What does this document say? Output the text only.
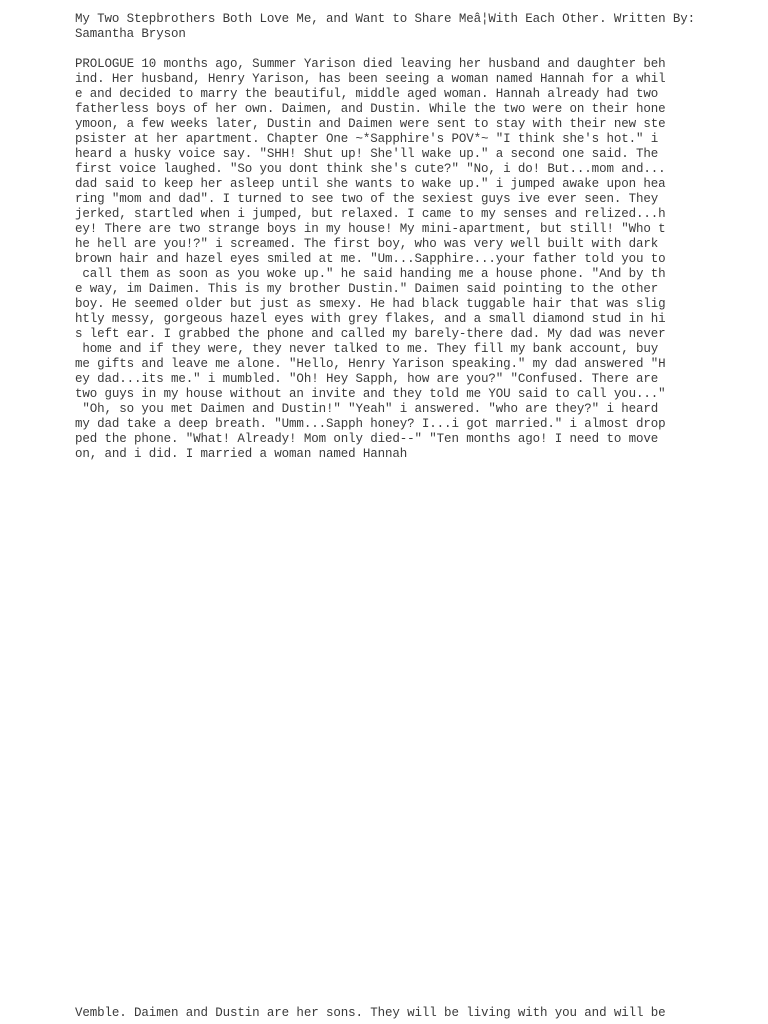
My Two Stepbrothers Both Love Me, and Want to Share Meâ¦With Each Other. Written By:
Samantha Bryson
PROLOGUE 10 months ago, Summer Yarison died leaving her husband and daughter beh
ind. Her husband, Henry Yarison, has been seeing a woman named Hannah for a whil
e and decided to marry the beautiful, middle aged woman. Hannah already had two
fatherless boys of her own. Daimen, and Dustin. While the two were on their hone
ymoon, a few weeks later, Dustin and Daimen were sent to stay with their new ste
psister at her apartment. Chapter One ~*Sapphire's POV*~ "I think she's hot." i
heard a husky voice say. "SHH! Shut up! She'll wake up." a second one said. The
first voice laughed. "So you dont think she's cute?" "No, i do! But...mom and...
dad said to keep her asleep until she wants to wake up." i jumped awake upon hea
ring "mom and dad". I turned to see two of the sexiest guys ive ever seen. They
jerked, startled when i jumped, but relaxed. I came to my senses and relized...h
ey! There are two strange boys in my house! My mini-apartment, but still! "Who t
he hell are you!?" i screamed. The first boy, who was very well built with dark
brown hair and hazel eyes smiled at me. "Um...Sapphire...your father told you to
call them as soon as you woke up." he said handing me a house phone. "And by th
e way, im Daimen. This is my brother Dustin." Daimen said pointing to the other
boy. He seemed older but just as smexy. He had black tuggable hair that was slig
htly messy, gorgeous hazel eyes with grey flakes, and a small diamond stud in hi
s left ear. I grabbed the phone and called my barely-there dad. My dad was never
home and if they were, they never talked to me. They fill my bank account, buy
me gifts and leave me alone. "Hello, Henry Yarison speaking." my dad answered "H
ey dad...its me." i mumbled. "Oh! Hey Sapph, how are you?" "Confused. There are
two guys in my house without an invite and they told me YOU said to call you..."
"Oh, so you met Daimen and Dustin!" "Yeah" i answered. "who are they?" i heard
my dad take a deep breath. "Umm...Sapph honey? I...i got married." i almost drop
ped the phone. "What! Already! Mom only died--" "Ten months ago! I need to move
on, and i did. I married a woman named Hannah
Vemble. Daimen and Dustin are her sons. They will be living with you and will be
